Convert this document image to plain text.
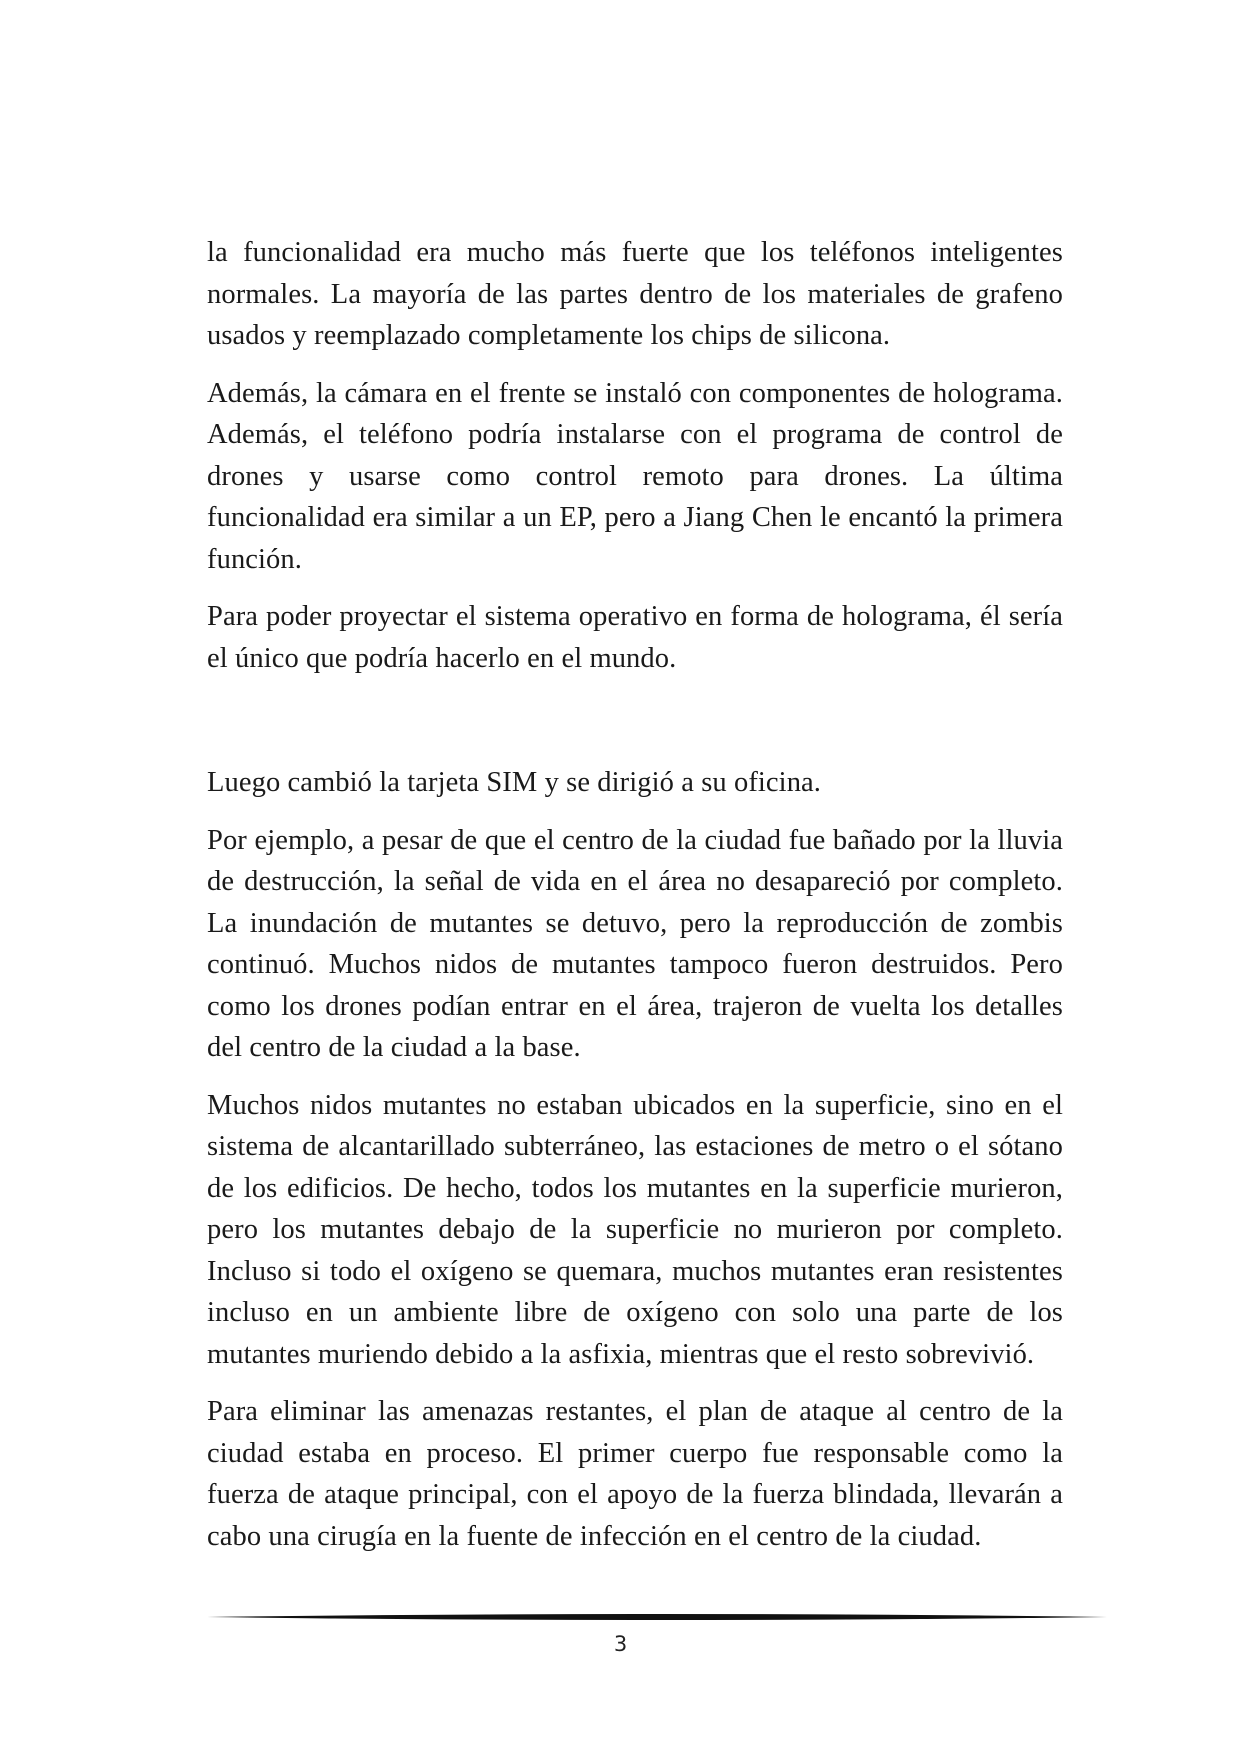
la funcionalidad era mucho más fuerte que los teléfonos inteligentes normales. La mayoría de las partes dentro de los materiales de grafeno usados y reemplazado completamente los chips de silicona.

Además, la cámara en el frente se instaló con componentes de holograma. Además, el teléfono podría instalarse con el programa de control de drones y usarse como control remoto para drones. La última funcionalidad era similar a un EP, pero a Jiang Chen le encantó la primera función.

Para poder proyectar el sistema operativo en forma de holograma, él sería el único que podría hacerlo en el mundo.

Luego cambió la tarjeta SIM y se dirigió a su oficina.

Por ejemplo, a pesar de que el centro de la ciudad fue bañado por la lluvia de destrucción, la señal de vida en el área no desapareció por completo. La inundación de mutantes se detuvo, pero la reproducción de zombis continuó. Muchos nidos de mutantes tampoco fueron destruidos. Pero como los drones podían entrar en el área, trajeron de vuelta los detalles del centro de la ciudad a la base.

Muchos nidos mutantes no estaban ubicados en la superficie, sino en el sistema de alcantarillado subterráneo, las estaciones de metro o el sótano de los edificios. De hecho, todos los mutantes en la superficie murieron, pero los mutantes debajo de la superficie no murieron por completo. Incluso si todo el oxígeno se quemara, muchos mutantes eran resistentes incluso en un ambiente libre de oxígeno con solo una parte de los mutantes muriendo debido a la asfixia, mientras que el resto sobrevivió.

Para eliminar las amenazas restantes, el plan de ataque al centro de la ciudad estaba en proceso. El primer cuerpo fue responsable como la fuerza de ataque principal, con el apoyo de la fuerza blindada, llevarán a cabo una cirugía en la fuente de infección en el centro de la ciudad.

3
